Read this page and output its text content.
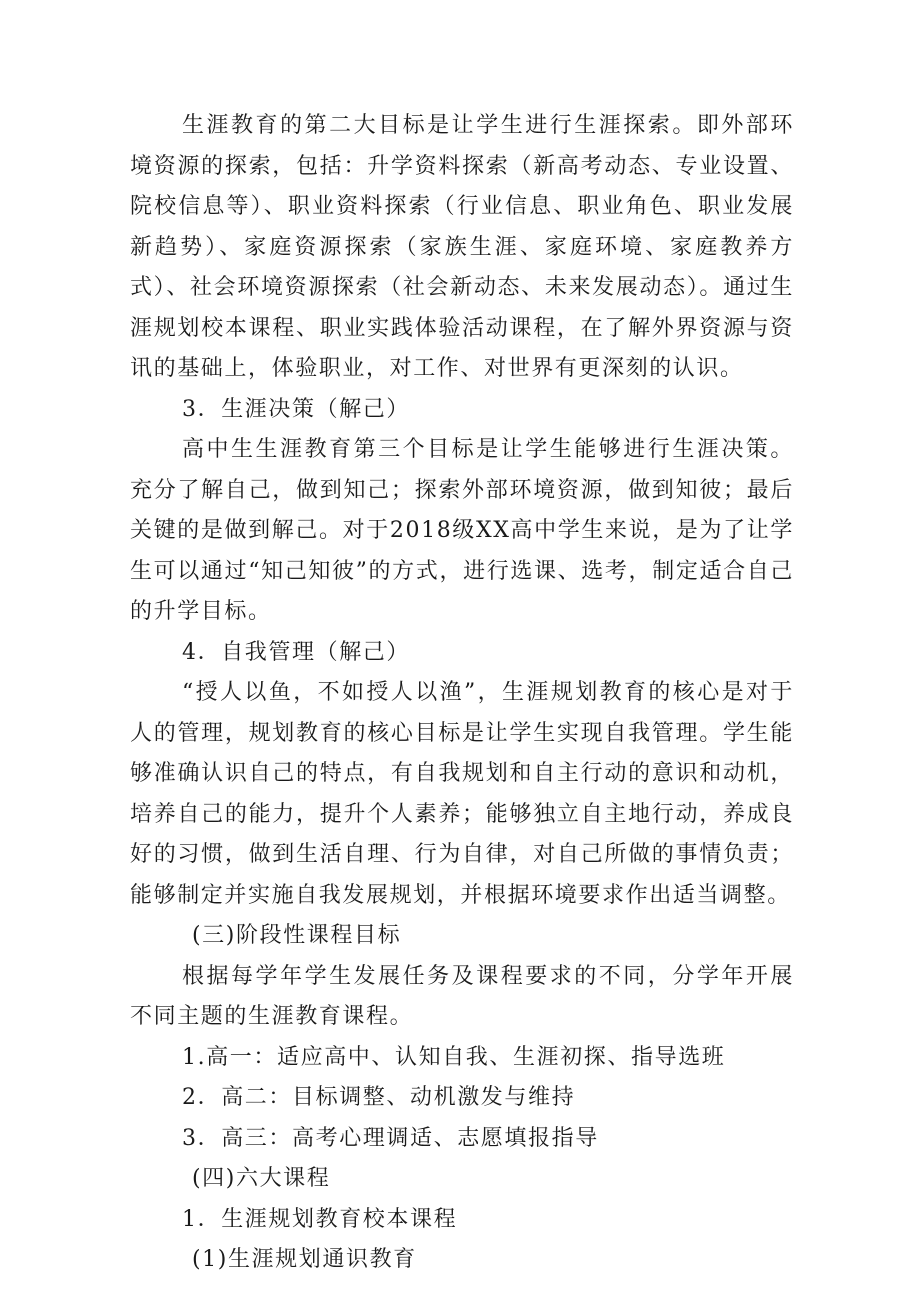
生涯教育的第二大目标是让学生进行生涯探索。即外部环境资源的探索，包括：升学资料探索（新高考动态、专业设置、院校信息等）、职业资料探索（行业信息、职业角色、职业发展新趋势）、家庭资源探索（家族生涯、家庭环境、家庭教养方式）、社会环境资源探索（社会新动态、未来发展动态）。通过生涯规划校本课程、职业实践体验活动课程，在了解外界资源与资讯的基础上，体验职业，对工作、对世界有更深刻的认识。

3．生涯决策（解己）

高中生生涯教育第三个目标是让学生能够进行生涯决策。充分了解自己，做到知己；探索外部环境资源，做到知彼；最后关键的是做到解己。对于2018级XX高中学生来说，是为了让学生可以通过“知己知彼”的方式，进行选课、选考，制定适合自己的升学目标。

4．自我管理（解己）

“授人以鱼，不如授人以渔”，生涯规划教育的核心是对于人的管理，规划教育的核心目标是让学生实现自我管理。学生能够准确认识自己的特点，有自我规划和自主行动的意识和动机，培养自己的能力，提升个人素养；能够独立自主地行动，养成良好的习惯，做到生活自理、行为自律，对自己所做的事情负责；能够制定并实施自我发展规划，并根据环境要求作出适当调整。

(三)阶段性课程目标

根据每学年学生发展任务及课程要求的不同，分学年开展不同主题的生涯教育课程。

1.高一：适应高中、认知自我、生涯初探、指导选班

2．高二：目标调整、动机激发与维持

3．高三：高考心理调适、志愿填报指导

(四)六大课程

1．生涯规划教育校本课程

(1)生涯规划通识教育
